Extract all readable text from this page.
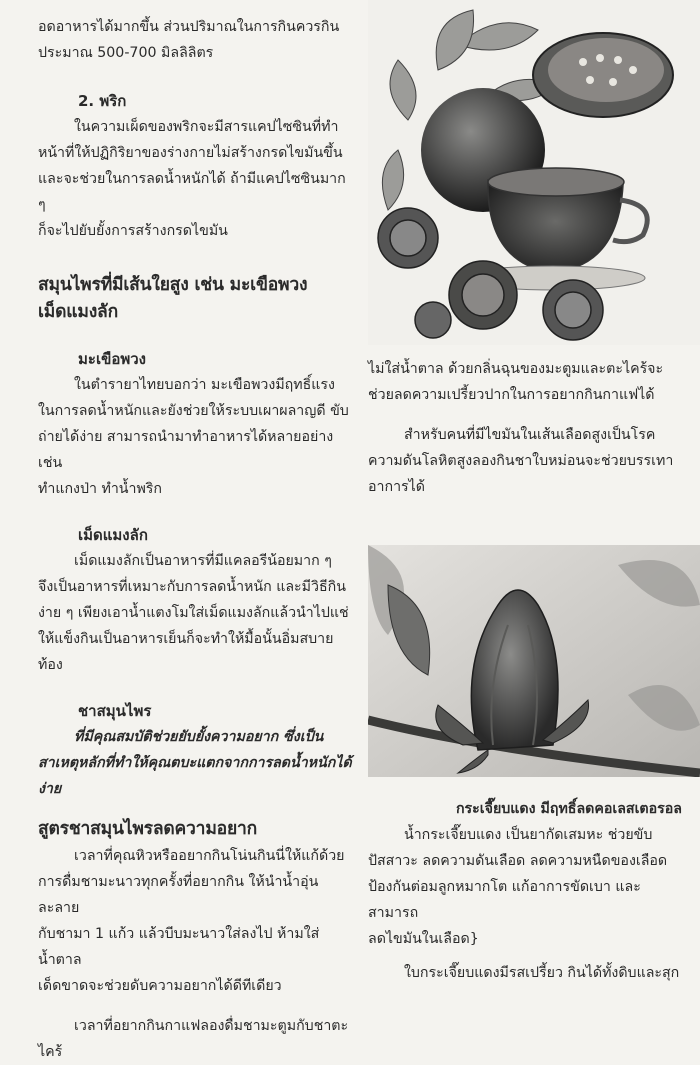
อดอาหารได้มากขึ้น ส่วนปริมาณในการกินควรกิน

ประมาณ 500-700 มิลลิลิตร

2. พริก

ในความเผ็ดของพริกจะมีสารแคปไซซินที่ทำ

หน้าที่ให้ปฏิกิริยาของร่างกายไม่สร้างกรดไขมันขึ้น

และจะช่วยในการลดน้ำหนักได้ ถ้ามีแคปไซซินมาก ๆ

ก็จะไปยับยั้งการสร้างกรดไขมัน

สมุนไพรที่มีเส้นใยสูง เช่น มะเขือพวง

เม็ดแมงลัก

มะเขือพวง

ในตำรายาไทยบอกว่า มะเขือพวงมีฤทธิ์แรง

ในการลดน้ำหนักและยังช่วยให้ระบบเผาผลาญดี ขับ

ถ่ายได้ง่าย สามารถนำมาทำอาหารได้หลายอย่าง เช่น

ทำแกงป่า ทำน้ำพริก

เม็ดแมงลัก

เม็ดแมงลักเป็นอาหารที่มีแคลอรีน้อยมาก ๆ

จึงเป็นอาหารที่เหมาะกับการลดน้ำหนัก และมีวิธีกิน

ง่าย ๆ เพียงเอาน้ำแตงโมใส่เม็ดแมงลักแล้วนำไปแช่

ให้แข็งกินเป็นอาหารเย็นก็จะทำให้มื้อนั้นอิ่มสบายท้อง

ชาสมุนไพร

ที่มีคุณสมบัติช่วยยับยั้งความอยาก ซึ่งเป็น

สาเหตุหลักที่ทำให้คุณตบะแตกจากการลดน้ำหนักได้

ง่าย

สูตรชาสมุนไพรลดความอยาก

เวลาที่คุณหิวหรืออยากกินโน่นกินนี่ให้แก้ด้วย

การดื่มชามะนาวทุกครั้งที่อยากกิน ให้นำน้ำอุ่นละลาย

กับชามา 1 แก้ว แล้วบีบมะนาวใส่ลงไป ห้ามใส่น้ำตาล

เด็ดขาดจะช่วยดับความอยากได้ดีทีเดียว

เวลาที่อยากกินกาแฟลองดื่มชามะตูมกับชาตะไคร้

ไม่ใส่น้ำตาล ด้วยกลิ่นฉุนของมะตูมและตะไคร้จะ

ช่วยลดความเปรี้ยวปากในการอยากกินกาแฟได้

สำหรับคนที่มีไขมันในเส้นเลือดสูงเป็นโรค

ความดันโลหิตสูงลองกินชาใบหม่อนจะช่วยบรรเทา

อาการได้

กระเจี๊ยบแดง มีฤทธิ์ลดคอเลสเตอรอล

น้ำกระเจี๊ยบแดง เป็นยากัดเสมหะ ช่วยขับ

ปัสสาวะ ลดความดันเลือด ลดความหนืดของเลือด

ป้องกันต่อมลูกหมากโต แก้อาการขัดเบา และสามารถ

ลดไขมันในเลือด}

ใบกระเจี๊ยบแดงมีรสเปรี้ยว กินได้ทั้งดิบและสุก
